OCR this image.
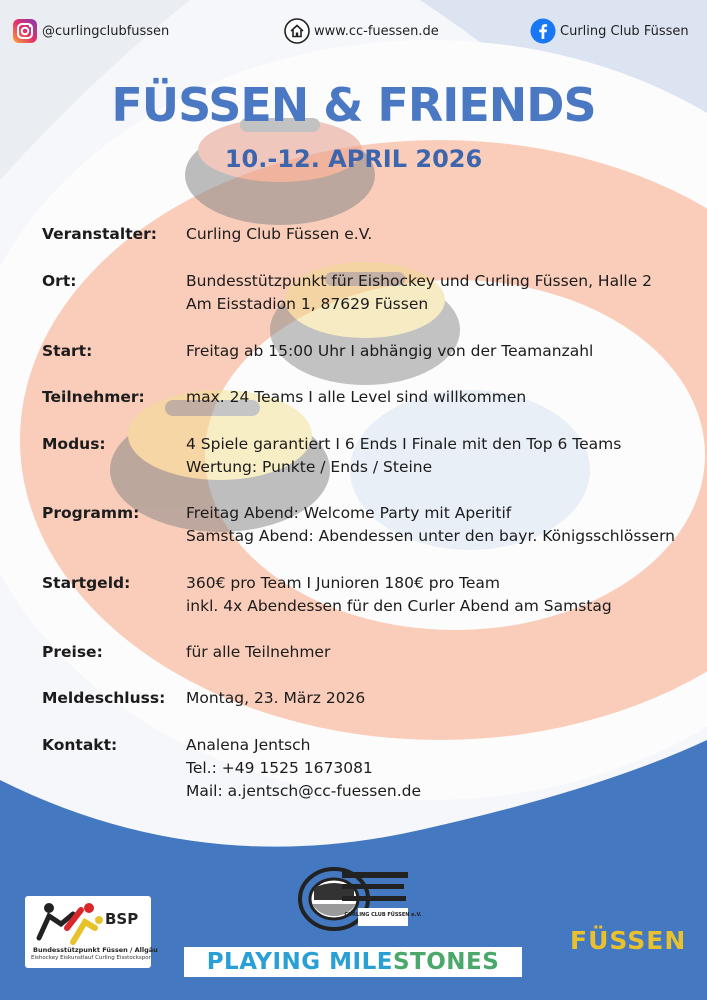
@curlingclubfussen	www.cc-fuessen.de	Curling Club Füssen
FÜSSEN & FRIENDS
10.-12. APRIL 2026
Veranstalter: Curling Club Füssen e.V.
Ort:	Bundesstützpunkt für Eishockey und Curling Füssen, Halle 2
Am Eisstadion 1, 87629 Füssen
Start:	Freitag ab 15:00 Uhr I abhängig von der Teamanzahl
Teilnehmer:	max. 24 Teams I alle Level sind willkommen
Modus:	4 Spiele garantiert I 6 Ends I Finale mit den Top 6 Teams
Wertung: Punkte / Ends / Steine
Programm:	Freitag Abend: Welcome Party mit Aperitif
Samstag Abend: Abendessen unter den bayr. Königsschlössern
Startgeld:	360€ pro Team I Junioren 180€ pro Team
inkl. 4x Abendessen für den Curler Abend am Samstag
Preise:	für alle Teilnehmer
Meldeschluss: Montag, 23. März 2026
Kontakt:	Analena Jentsch
Tel.: +49 1525 1673081
Mail: a.jentsch@cc-fuessen.de
BSP
Bundesstützpunkt Füssen / Allgäu
Eishockey Eiskunstlauf Curling Eisstockspor
CURLING CLUB FÜSSEN e.V.
PLAYING MILE STONES
FÜSSEN
